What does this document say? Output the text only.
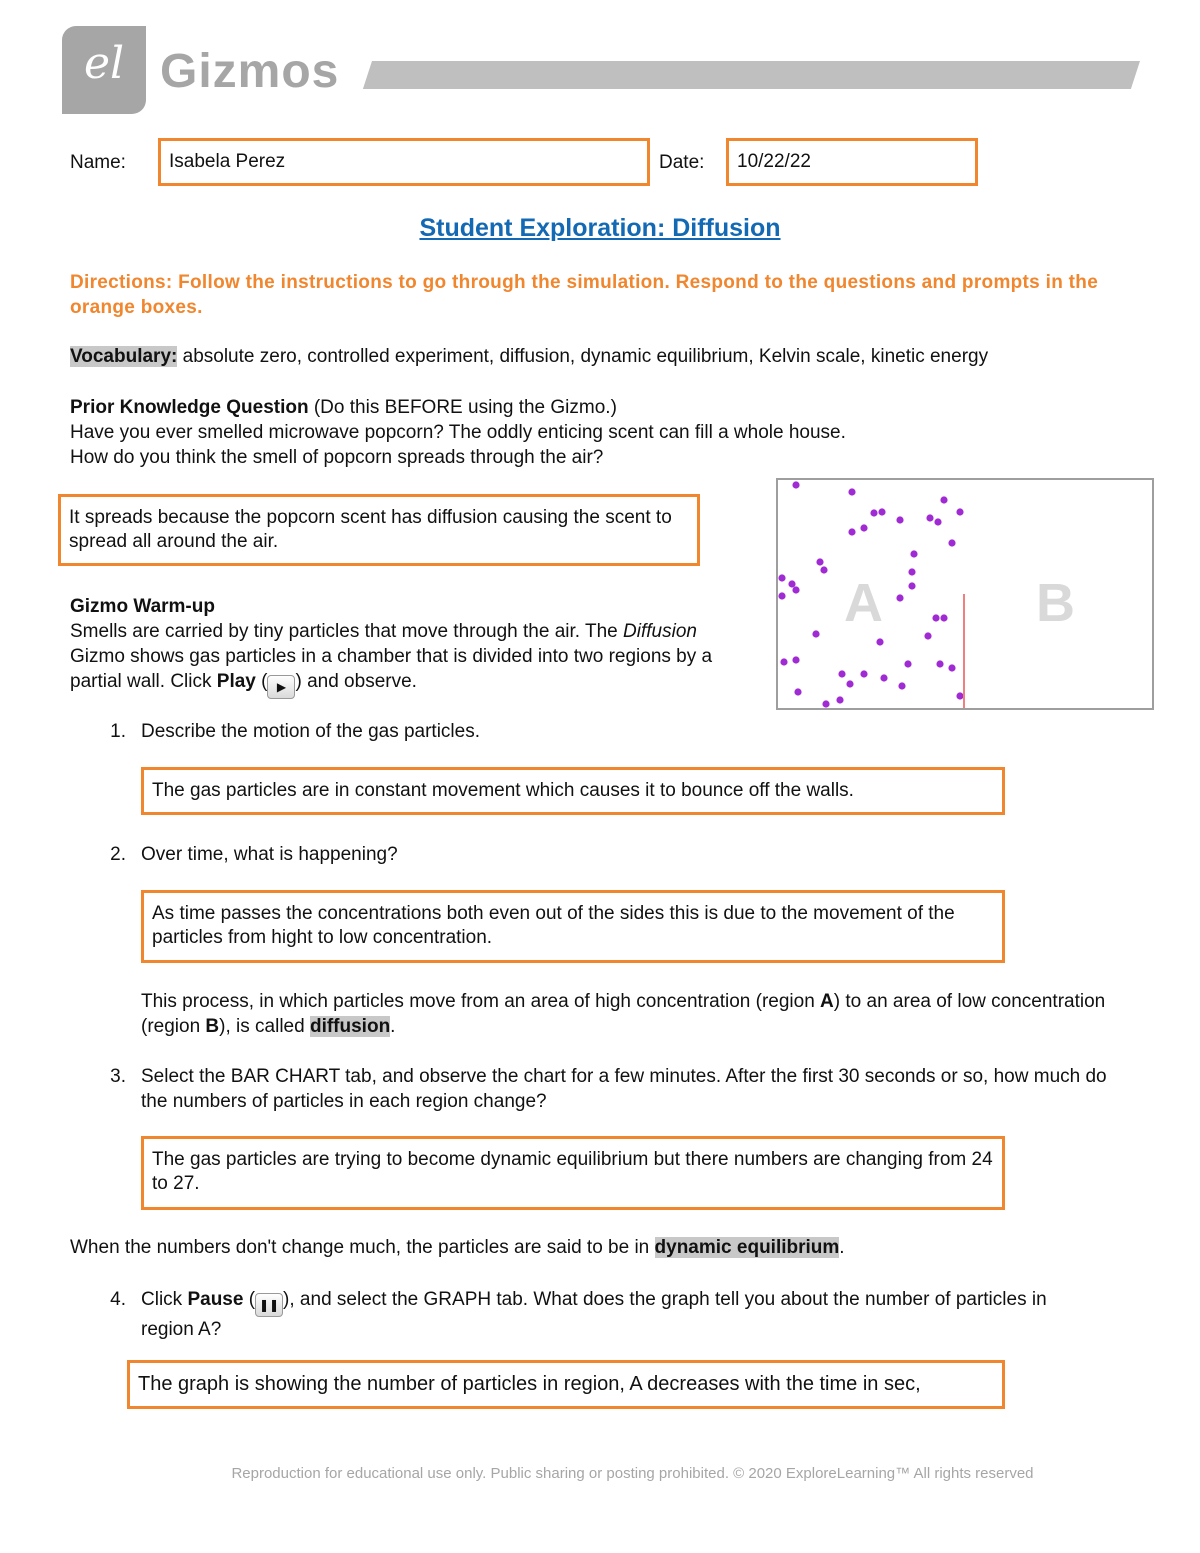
el Gizmos
Name:	Isabela Perez	Date:	10/22/22
Student Exploration: Diffusion
Directions: Follow the instructions to go through the simulation. Respond to the questions and prompts in the orange boxes.
Vocabulary: absolute zero, controlled experiment, diffusion, dynamic equilibrium, Kelvin scale, kinetic energy
Prior Knowledge Question (Do this BEFORE using the Gizmo.)
Have you ever smelled microwave popcorn? The oddly enticing scent can fill a whole house.
How do you think the smell of popcorn spreads through the air?
It spreads because the popcorn scent has diffusion causing the scent to spread all around the air.
Gizmo Warm-up
Smells are carried by tiny particles that move through the air. The Diffusion Gizmo shows gas particles in a chamber that is divided into two regions by a partial wall. Click Play ( ▶ ) and observe.
A	B
1. Describe the motion of the gas particles.
The gas particles are in constant movement which causes it to bounce off the walls.
2. Over time, what is happening?
As time passes the concentrations both even out of the sides this is due to the movement of the particles from hight to low concentration.
This process, in which particles move from an area of high concentration (region A) to an area of low concentration (region B), is called diffusion.
3. Select the BAR CHART tab, and observe the chart for a few minutes. After the first 30 seconds or so, how much do the numbers of particles in each region change?
The gas particles are trying to become dynamic equilibrium but there numbers are changing from 24 to 27.
When the numbers don't change much, the particles are said to be in dynamic equilibrium.
4. Click Pause ( ❚❚ ), and select the GRAPH tab. What does the graph tell you about the number of particles in region A?
The graph is showing the number of particles in region, A decreases with the time in sec,
Reproduction for educational use only. Public sharing or posting prohibited. © 2020 ExploreLearning™ All rights reserved
